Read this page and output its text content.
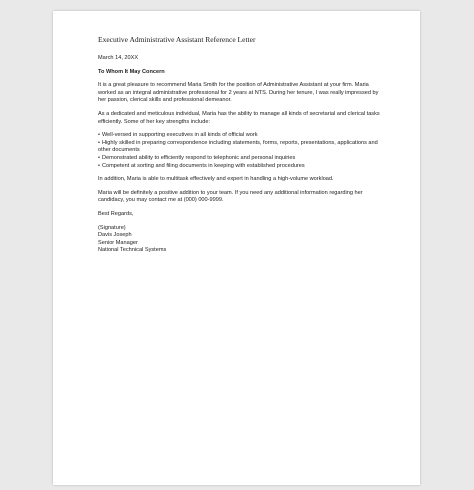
Executive Administrative Assistant Reference Letter
March 14, 20XX
To Whom It May Concern

It is a great pleasure to recommend Maria Smith for the position of Administrative Assistant at your firm. Maria worked as an integral administrative professional for 2 years at NTS. During her tenure, I was really impressed by her passion, clerical skills and professional demeanor.

As a dedicated and meticulous individual, Maria has the ability to manage all kinds of secretarial and clerical tasks efficiently. Some of her key strengths include:

• Well-versed in supporting executives in all kinds of official work
• Highly skilled in preparing correspondence including statements, forms, reports, presentations, applications and other documents
• Demonstrated ability to efficiently respond to telephonic and personal inquiries
• Competent at sorting and filing documents in keeping with established procedures

In addition, Maria is able to multitask effectively and expert in handling a high-volume workload.

Maria will be definitely a positive addition to your team. If you need any additional information regarding her candidacy, you may contact me at (000) 000-9999.

Best Regards,

(Signature)
Davis Joseph
Senior Manager
National Technical Systems
